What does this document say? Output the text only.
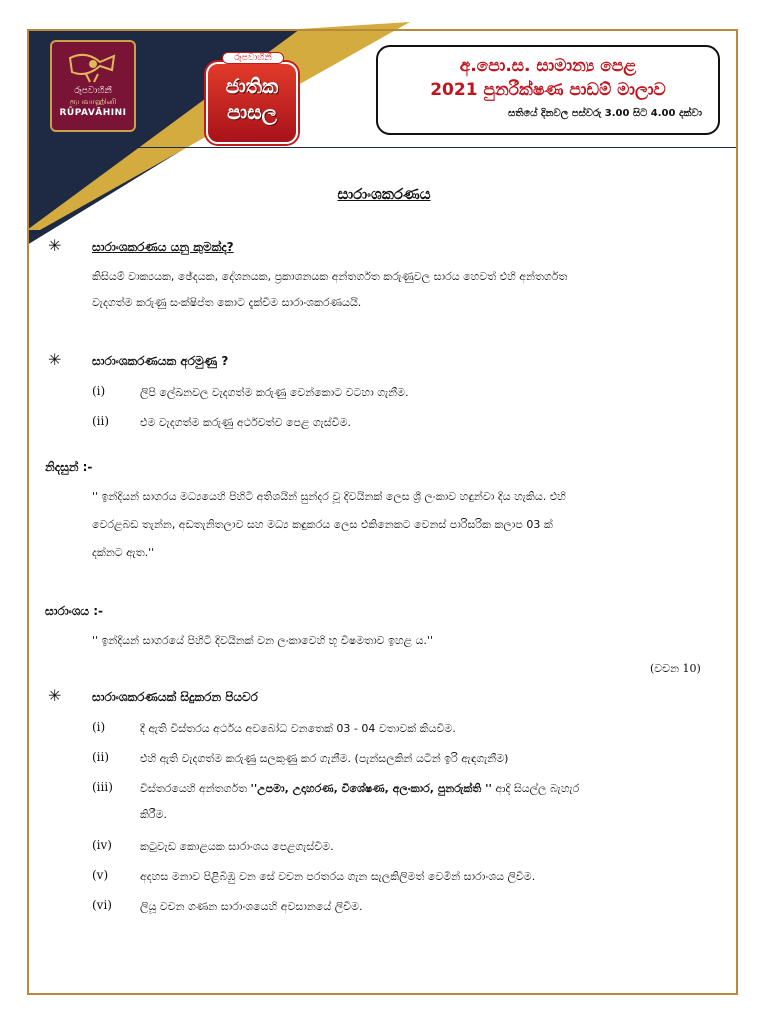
රූපවාහිනී
ரூபவாஹினி
RŪPAVĀHINI
රූපවාහිනී
ජාතික
පාසල
අ.පො.ස. සාමාන්‍ය පෙළ
2021 පුනරීක්ෂණ පාඩම් මාලාව
සතියේ දිනවල පස්වරු 3.00 සිට 4.00 දක්වා
සාරාංශකරණය
✳	සාරාංශකරණය යනු කුමක්ද?
කිසියම් වාක්‍යයක, ඡේදයක, දේශනයක, ප්‍රකාශනයක අන්තර්ගත කරුණුවල සාරය හෙවත් එහි අන්තර්ගත
වැදගත්ම කරුණු සංක්ෂිප්ත කොට දැක්වීම සාරාංශකරණයයි.
✳	සාරාංශකරණයක අරමුණු ?
(i)	ලිපි ලේඛනවල වැදගත්ම කරුණු වෙන්කොට වටහා ගැනීම.
(ii)	එම වැදගත්ම කරුණු අර්ථවත්ව පෙළ ගැස්වීම.
නිදසුන් :-
'' ඉන්දියන් සාගරය මධ්‍යයෙහි පිහිටි අතිශයින් සුන්දර වූ දිවයිනක් ලෙස ශ්‍රී ලංකාව හඳුන්වා දිය හැකිය. එහි
වෙරළබඩ තැන්න, අඩතැනිතලාව සහ මධ්‍ය කඳුකරය ලෙස එකිනෙකට වෙනස් පාරිසරික කලාප 03 ක්
දක්නට ඇත.''
සාරාංශය :-
'' ඉන්දියන් සාගරයේ පිහිටි දිවයිනක් වන ලංකාවෙහි භූ විෂමතාව ඉහළ ය.''
(වචන 10)
✳	සාරාංශකරණයක් සිදුකරන පියවර
(i)	දී ඇති විස්තරය අර්ථය අවබෝධ වනතෙක් 03 - 04 වතාවක් කියවීම.
(ii)	එහි ඇති වැදගත්ම කරුණු සලකුණු කර ගැනීම. (පැන්සලකින් යටින් ඉරි ඇඳගැනීම)
(iii) විස්තරයෙහි අන්තර්ගත ''උපමා, උදාහරණ, විශේෂණ, අලංකාර, පුනරුක්ති '' ආදි සියල්ල බැහැර
කිරීම.
(iv)	කටුවැඩ කොළයක සාරාංශය පෙළගැස්වීම.
(v)	අදහස මනාව පිළිබිඹු වන සේ වචන පරතරය ගැන සැලකිලිමත් වෙමින් සාරාංශය ලිවීම.
(vi)	ලියූ වචන ගණන සාරාංශයෙහි අවසානයේ ලිවීම.
